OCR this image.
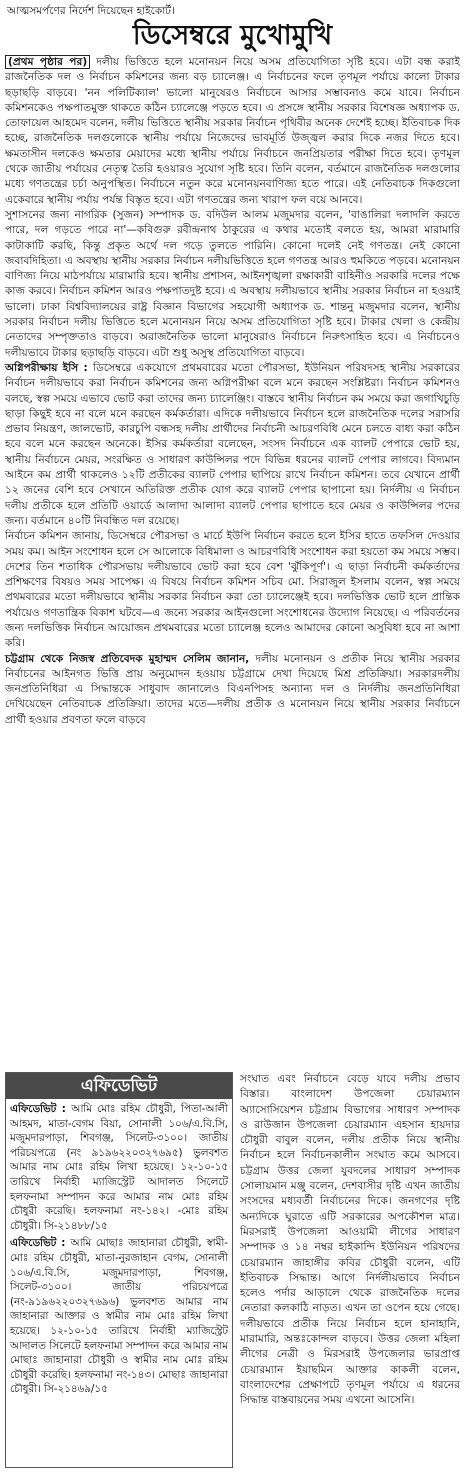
আত্মসমর্পণের নির্দেশ দিয়েছেন হাইকোর্ট।
ডিসেম্বরে মুখোমুখি

(প্রথম পৃষ্ঠার পর) দলীয় ভিত্তিতে হলে মনোনয়ন নিয়ে অসম প্রতিযোগিতা সৃষ্টি হবে। এটা বন্ধ করাই রাজনৈতিক দল ও নির্বাচন কমিশনের জন্য বড় চ্যালেঞ্জ। এ নির্বাচনের ফলে তৃণমূল পর্যায়ে কালো টাকার ছড়াছড়ি বাড়বে। 'নন পলিটিক্যাল' ভালো মানুষেরও নির্বাচনে আসার সম্ভাবনাও কমে যাবে। নির্বাচন কমিশনকেও পক্ষপাতমুক্ত থাকতে কঠিন চ্যালেঞ্জে পড়তে হবে। এ প্রসঙ্গে স্থানীয় সরকার বিশেষজ্ঞ অধ্যাপক ড. তোফায়েল আহমেদ বলেন, দলীয় ভিত্তিতে স্থানীয় সরকার নির্বাচন পৃথিবীর অনেক দেশেই হচ্ছে। ইতিবাচক দিক হচ্ছে, রাজনৈতিক দলগুলোকে স্থানীয় পর্যায়ে নিজেদের ভাবমূর্তি উজ্জ্বল করার দিকে নজর দিতে হবে। ক্ষমতাসীন দলকেও ক্ষমতার মেয়াদের মধ্যে স্থানীয় পর্যায়ে নির্বাচনে জনপ্রিয়তার পরীক্ষা দিতে হবে। তৃণমূল থেকে জাতীয় পর্যায়ের নেতৃত্ব তৈরি হওয়ারও সুযোগ সৃষ্টি হবে। তিনি বলেন, বর্তমানে রাজনৈতিক দলগুলোর মধ্যে গণতন্ত্রের চর্চা অনুপস্থিত। নির্বাচনে নতুন করে মনোনয়নবাণিজ্য হতে পারে। এই নেতিবাচক দিকগুলো একেবারে স্থানীয় পর্যায় পর্যন্ত বিস্তৃত হবে। এটা গণতন্ত্রের জন্য খারাপ ফল বয়ে আনবে।

সুশাসনের জন্য নাগরিক (সুজন) সম্পাদক ড. বদিউল আলম মজুমদার বলেন, 'বাঙালিরা দলাদলি করতে পারে, দল গড়তে পারে না'—কবিগুরু রবীন্দ্রনাথ ঠাকুরের এ কথার মতোই বলতে হয়, আমরা মারামারি কাটাকাটি করছি, কিন্তু প্রকৃত অর্থে দল গড়ে তুলতে পারিনি। কোনো দলেই নেই গণতন্ত্র। নেই কোনো জবাবদিহিতা। এ অবস্থায় স্থানীয় সরকার নির্বাচন দলীয়ভিত্তিতে হলে গণতন্ত্র আরও হুমকিতে পড়বে। মনোনয়ন বাণিজ্য নিয়ে মাঠপর্যায়ে মারামারি হবে। স্থানীয় প্রশাসন, আইনশৃঙ্খলা রক্ষাকারী বাহিনীও সরকারি দলের পক্ষে কাজ করবে। নির্বাচন কমিশন আরও পক্ষপাতদুষ্ট হবে। এ অবস্থায় দলীয়ভাবে স্থানীয় সরকার নির্বাচন না হওয়াই ভালো। ঢাকা বিশ্ববিদ্যালয়ের রাষ্ট্র বিজ্ঞান বিভাগের সহযোগী অধ্যাপক ড. শান্তনু মজুমদার বলেন, স্থানীয় সরকার নির্বাচন দলীয় ভিত্তিতে হলে মনোনয়ন নিয়ে অসম প্রতিযোগিতা সৃষ্টি হবে। টাকার খেলা ও কেন্দ্রীয় নেতাদের সম্পৃক্ততাও বাড়বে। অরাজনৈতিক ভালো মানুষেরাও নির্বাচনে নিরুৎসাহিত হবে। এ নির্বাচনেও দলীয়ভাবে টাকার ছড়াছড়ি বাড়বে। এটা শুধু অসুস্থ প্রতিযোগিতা বাড়বে।

অগ্নিপরীক্ষায় ইসি : ডিসেম্বরে একযোগে প্রথমবারের মতো পৌরসভা, ইউনিয়ন পরিষদসহ স্থানীয় সরকারের নির্বাচন দলীয়ভাবে করা নির্বাচন কমিশনের জন্য অগ্নিপরীক্ষা বলে মনে করছেন সংশ্লিষ্টরা। নির্বাচন কমিশনও বলছে, স্বল্প সময়ে এভাবে ভোট করা তাদের জন্য চ্যালেঞ্জিং। বাস্তবে স্থানীয় নির্বাচন কম সময়ে করা জগাখিচুড়ি ছাড়া কিছুই হবে না বলে মনে করছেন কর্মকর্তারা। এদিকে দলীয়ভাবে নির্বাচন হলে রাজনৈতিক দলের সরাসরি প্রভাব নিয়ন্ত্রণ, জালভোট, কারচুপি বন্ধসহ দলীয় প্রার্থীদের নির্বাচনী আচরণবিধি মেনে চলতে বাধ্য করা কঠিন হবে বলে মনে করছেন অনেকে। ইসির কর্মকর্তারা বলেছেন, সংসদ নির্বাচনে এক ব্যালট পেপারে ভোট হয়, স্থানীয় নির্বাচনে মেয়র, সংরক্ষিত ও সাধারণ কাউন্সিলর পদে বিভিন্ন ধরনের ব্যালট পেপার লাগবে। বিদ্যমান আইনে কম প্রার্থী থাকলেও ১২টি প্রতীকের ব্যালট পেপার ছাপিয়ে রাখে নির্বাচন কমিশন। তবে যেখানে প্রার্থী ১২ জনের বেশি হবে সেখানে অতিরিক্ত প্রতীক যোগ করে ব্যালট পেপার ছাপানো হয়। নির্দলীয় এ নির্বাচন দলীয় প্রতীকে হলে প্রতিটি ওয়ার্ডে আলাদা আলাদা ব্যালট পেপার ছাপাতে হবে মেয়র ও কাউন্সিলর পদের জন্য। বর্তমানে ৪০টি নিবন্ধিত দল রয়েছে।

নির্বাচন কমিশন জানায়, ডিসেম্বরে পৌরসভা ও মার্চে ইউপি নির্বাচন করতে হলে ইসির হাতে তফসিল দেওয়ার সময় কম। আইন সংশোধন হলে সে আলোকে বিধিমালা ও আচরণবিধি সংশোধন করা হয়তো কম সময়ে সম্ভব। দেশের তিন শতাধিক পৌরসভায় দলীয়ভাবে ভোট করা হবে বেশ 'ঝুঁকিপূর্ণ'। এ ছাড়া নির্বাচনী কর্মকর্তাদের প্রশিক্ষণের বিষয়ও সময় সাপেক্ষ। এ বিষয়ে নির্বাচন কমিশন সচিব মো. সিরাজুল ইসলাম বলেন, স্বল্প সময়ে প্রথমবারের মতো দলীয়ভাবে স্থানীয় সরকার নির্বাচন করা তো চ্যালেঞ্জেই হবে। দলভিত্তিক ভোট হলে প্রান্তিক পর্যায়েও গণতান্ত্রিক বিকাশ ঘটবে—এ জন্যে সরকার আইনগুলো সংশোধনের উদ্যোগ নিয়েছে। এ পরিবর্তনের জন্য দলভিত্তিক নির্বাচন আয়োজন প্রথমবারের মতো চ্যালেঞ্জ হলেও আমাদের কোনো অসুবিধা হবে না আশা করি।

চট্টগ্রাম থেকে নিজস্ব প্রতিবেদক মুহাম্মদ সেলিম জানান, দলীয় মনোনয়ন ও প্রতীক নিয়ে স্থানীয় সরকার নির্বাচনের আইনগত ভিত্তি প্রায় অনুমোদন হওয়ায় চট্টগ্রামে দেখা দিয়েছে মিশ্র প্রতিক্রিয়া। সরকারদলীয় জনপ্রতিনিধিরা এ সিদ্ধান্তকে সাধুবাদ জানালেও বিএনপিসহ অন্যান্য দল ও নির্দলীয় জনপ্রতিনিধিরা দেখিয়েছেন নেতিবাচক প্রতিক্রিয়া। তাদের মতে—দলীয় প্রতীক ও মনোনয়ন নিয়ে স্থানীয় সরকার নির্বাচনে প্রার্থী হওয়ার প্রবণতা ফলে বাড়বে

এফিডেভিট

এফিডেভিট : আমি মোঃ রহিম চৌধুরী, পিতা-আলী আহমদ, মাতা-বেগম বিয়া, সোনালী ১০৬/এ.বি.সি, মজুমদারপাড়া, শিবগঞ্জ, সিলেট-৩১০০। জাতীয় পরিচয়পত্রে (নং ৯১৯৬২২০৩২৭৬৯৫) ভুলবশত আমার নাম মোঃ রহিম লিখা হয়েছে। ১২-১০-১৫ তারিখে নির্বাহী ম্যাজিস্ট্রেট আদালত সিলেটে হলফনামা সম্পাদন করে আমার নাম মোঃ রহিম চৌধুরী করেছি। হলফনামা নং-১৪২। -মোঃ রহিম চৌধুরী। সি-২১৪৮৮/১৫

এফিডেভিট : আমি মোছাঃ জাহানারা চৌধুরী, স্বামী-মোঃ রহিম চৌধুরী, মাতা-নুরজাহান বেগম, সোনালী ১০৬/এ.বি.সি, মজুমদারপাড়া, শিবগঞ্জ, সিলেট-৩১০০। জাতীয় পরিচয়পত্রে (নং-৯১৯৬২২০৩২৭৬৯৬) ভুলবশত আমার নাম জাহানারা আক্তার ও স্বামীর নাম মোঃ রহিম লিখা হয়েছে। ১২-১০-১৫ তারিখে নির্বাহী ম্যাজিস্ট্রেট আদালত সিলেটে হলফনামা সম্পাদন করে আমার নাম মোছাঃ জাহানারা চৌধুরী ও স্বামীর নাম মোঃ রহিম চৌধুরী করেছি। হলফনামা নং-১৪৩। মোছাঃ জাহানারা চৌধুরী। সি-২১৪৬৯/১৫

সংঘাত এবং নির্বাচনে বেড়ে যাবে দলীয় প্রভাব বিস্তার। বাংলাদেশ উপজেলা চেয়ারম্যান অ্যাসোসিয়েশন চট্টগ্রাম বিভাগের সাধারণ সম্পাদক ও রাউজান উপজেলা চেয়ারম্যান এহসান হায়দার চৌধুরী বাবুল বলেন, দলীয় প্রতীক নিয়ে স্থানীয় নির্বাচন হলে নির্বাচনকালীন সংঘাত কমে আসবে। চট্টগ্রাম উত্তর জেলা যুবদলের সাধারণ সম্পাদক সোলায়মান মঞ্জু বলেন, দেশবাসীর দৃষ্টি এখন জাতীয় সংসদের মধ্যবর্তী নির্বাচনের দিকে। জনগণের দৃষ্টি অন্যদিকে ঘুরাতে এটি সরকারের অপকৌশল মাত্র। মিরসরাই উপজেলা আওয়ামী লীগের সাধারণ সম্পাদক ও ১৪ নম্বর হাইকান্দি ইউনিয়ন পরিষদের চেয়ারম্যান জাহাঙ্গীর কবির চৌধুরী বলেন, এটি ইতিবাচক সিদ্ধান্ত। আগে নির্দলীয়ভাবে নির্বাচন হলেও পর্দার আড়ালে থেকে রাজনৈতিক দলের নেতারা কলকাঠি নাড়ত। এখন তা ওপেন হয়ে গেছে। দলীয়ভাবে প্রতীক নিয়ে নির্বাচন হলে হানাহানি, মারামারি, অন্তঃকোন্দল বাড়বে। উত্তর জেলা মহিলা লীগের নেত্রী ও মিরসরাই উপজেলার ভারপ্রাপ্ত চেয়ারম্যান ইয়াছমিন আক্তার কাকলী বলেন, বাংলাদেশের প্রেক্ষাপটে তৃণমূল পর্যায়ে এ ধরনের সিদ্ধান্ত বাস্তবায়নের সময় এখনো আসেনি।
